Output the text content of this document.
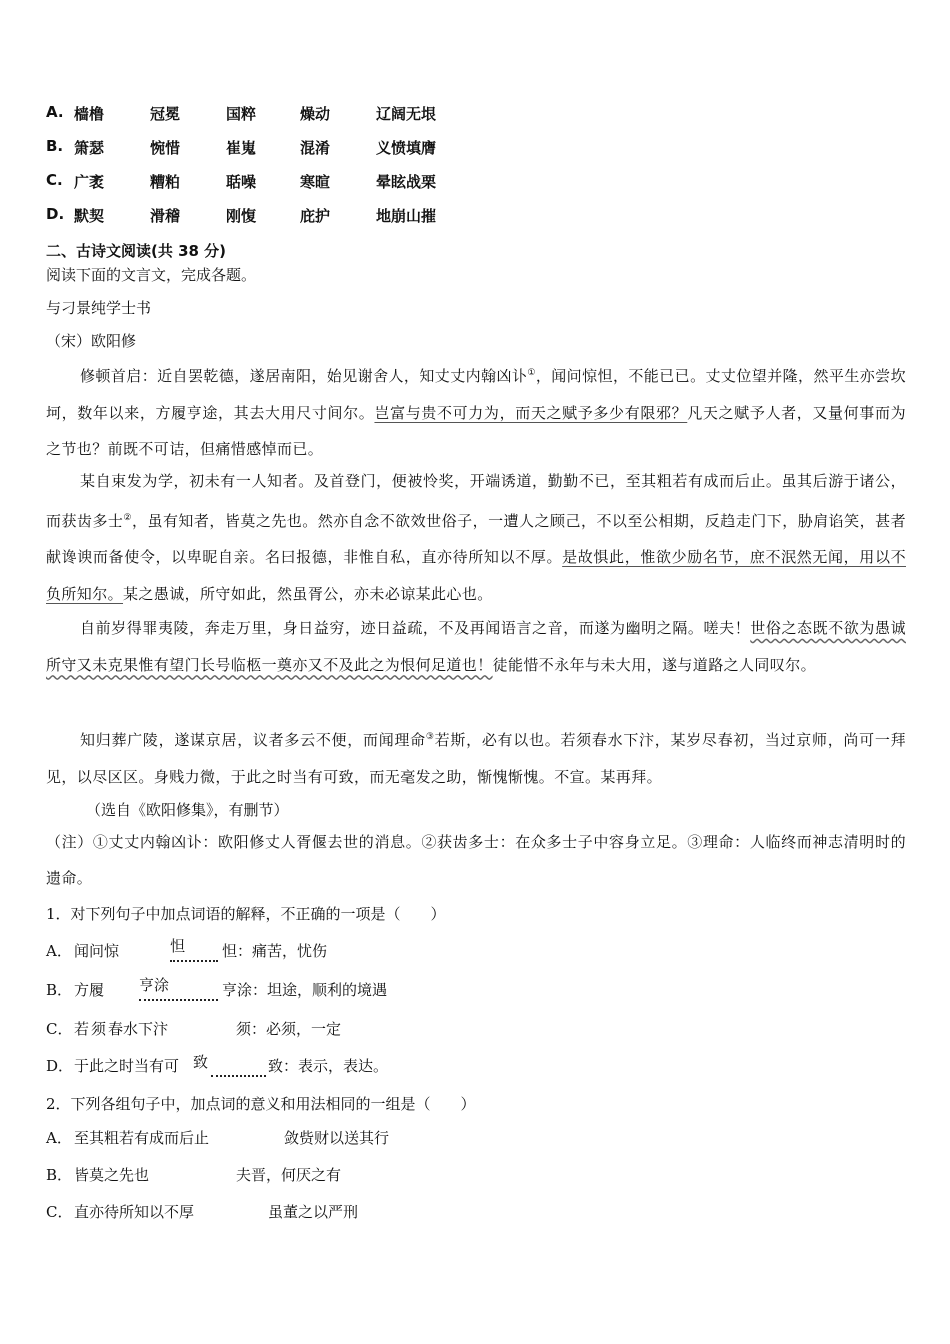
A. 樯橹	冠冕	国粹	燥动	辽阔无垠
B. 箫瑟	惋惜	崔嵬	混淆	义愤填膺
C. 广袤	糟粕	聒噪	寒暄	晕眩战栗
D. 默契	滑稽	刚愎	庇护	地崩山摧
二、古诗文阅读(共 38 分)
阅读下面的文言文，完成各题。
与刁景纯学士书
（宋）欧阳修
修顿首启：近自罢乾德，遂居南阳，始见谢舍人，知丈丈内翰凶讣①，闻问惊怛，不能已已。丈丈位望并隆，然平生亦尝坎坷，数年以来，方履亨途，其去大用尺寸间尔。岂富与贵不可力为，而天之赋予多少有限邪？凡天之赋予人者，又量何事而为之节也？前既不可诘，但痛惜感悼而已。
某自束发为学，初未有一人知者。及首登门，便被怜奖，开端诱道，勤勤不已，至其粗若有成而后止。虽其后游于诸公，而获齿多士②，虽有知者，皆莫之先也。然亦自念不欲效世俗子，一遭人之顾己，不以至公相期，反趋走门下，胁肩谄笑，甚者献谗谀而备使令，以卑昵自亲。名曰报德，非惟自私，直亦待所知以不厚。是故惧此，惟欲少励名节，庶不泯然无闻，用以不负所知尔。某之愚诚，所守如此，然虽胥公，亦未必谅某此心也。
自前岁得罪夷陵，奔走万里，身日益穷，迹日益疏，不及再闻语言之音，而遂为幽明之隔。嗟夫！世俗之态既不欲为愚诚所守又未克果惟有望门长号临柩一奠亦又不及此之为恨何足道也！徒能惜不永年与未大用，遂与道路之人同叹尔。
知归葬广陵，遂谋京居，议者多云不便，而闻理命③若斯，必有以也。若须春水下汴，某岁尽春初，当过京师，尚可一拜见，以尽区区。身贱力微，于此之时当有可致，而无毫发之助，惭愧惭愧。不宣。某再拜。
（选自《欧阳修集》，有删节）
（注）①丈丈内翰凶讣：欧阳修丈人胥偃去世的消息。②获齿多士：在众多士子中容身立足。③理命：人临终而神志清明时的遗命。
1．对下列句子中加点词语的解释，不正确的一项是（　　）
A． 闻问惊	怛 怛：痛苦，忧伤
B． 方履 亨涂	亨涂：坦途，顺利的境遇
C． 若 须 春水下汴	须：必须，一定
D． 于此之时当有可 致	致：表示，表达。
2．下列各组句子中，加点词的意义和用法相同的一组是（　　）
A． 至其粗若有成而后止	敛赀财以送其行
B． 皆莫之先也	夫晋，何厌之有
C． 直亦待所知以不厚	虽董之以严刑
